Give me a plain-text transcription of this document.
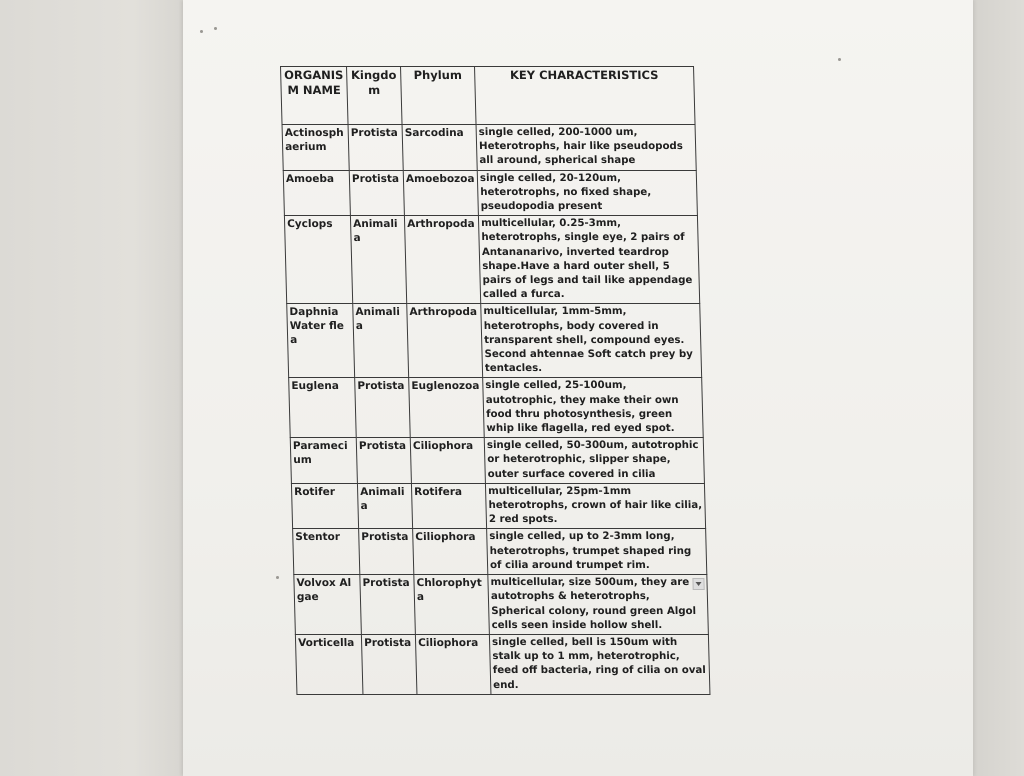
ORGANISM NAME	Kingdom	Phylum	KEY CHARACTERISTICS
Actinosphaerium	Protista	Sarcodina	single celled, 200-1000 um, Heterotrophs, hair like pseudopods all around, spherical shape
Amoeba	Protista	Amoebozoa	single celled, 20-120um, heterotrophs, no fixed shape, pseudopodia present
Cyclops	Animalia	Arthropoda	multicellular, 0.25-3mm, heterotrophs, single eye, 2 pairs of Antananarivo, inverted teardrop shape.Have a hard outer shell, 5 pairs of legs and tail like appendage called a furca.
Daphnia Water flea	Animalia	Arthropoda	multicellular, 1mm-5mm, heterotrophs, body covered in transparent shell, compound eyes. Second ahtennae Soft catch prey by tentacles.
Euglena	Protista	Euglenozoa	single celled, 25-100um, autotrophic, they make their own food thru photosynthesis, green whip like flagella, red eyed spot.
Paramecium	Protista	Ciliophora	single celled, 50-300um, autotrophic or heterotrophic, slipper shape, outer surface covered in cilia
Rotifer	Animalia	Rotifera	multicellular, 25pm-1mm heterotrophs, crown of hair like cilia, 2 red spots.
Stentor	Protista	Ciliophora	single celled, up to 2-3mm long, heterotrophs, trumpet shaped ring of cilia around trumpet rim.
Volvox Algae	Protista	Chlorophyta	multicellular, size 500um, they are autotrophs & heterotrophs, Spherical colony, round green Algol cells seen inside hollow shell.
Vorticella	Protista	Ciliophora	single celled, bell is 150um with stalk up to 1 mm, heterotrophic, feed off bacteria, ring of cilia on oval end.
